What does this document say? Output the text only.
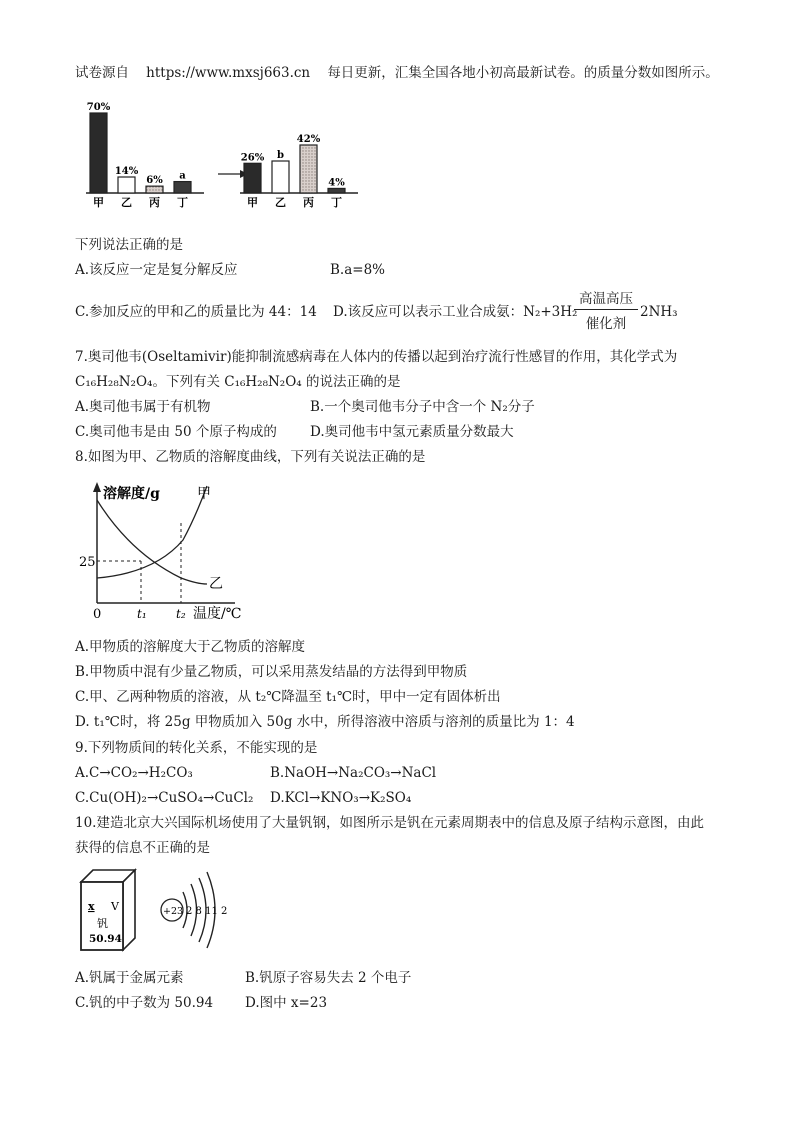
试卷源自 https://www.mxsj663.cn 每日更新，汇集全国各地小初高最新试卷。的质量分数如图所示。
70%
甲
14%
乙
6%
丙
a
丁
26%
甲
b
乙
42%
丙
4%
丁
下列说法正确的是
A.该反应一定是复分解反应	B.a=8%
C.参加反应的甲和乙的质量比为 44：14 D.该反应可以表示工业合成氨：N₂+3H₂
高温高压
催化剂
2NH₃
7.奥司他韦(Oseltamivir)能抑制流感病毒在人体内的传播以起到治疗流行性感冒的作用，其化学式为
C₁₆H₂₈N₂O₄。下列有关 C₁₆H₂₈N₂O₄ 的说法正确的是
A.奥司他韦属于有机物	B.一个奥司他韦分子中含一个 N₂分子
C.奥司他韦是由 50 个原子构成的 D.奥司他韦中氢元素质量分数最大
8.如图为甲、乙物质的溶解度曲线，下列有关说法正确的是
溶解度/g	甲
乙
25
0	t₁ t₂ 温度/℃
A.甲物质的溶解度大于乙物质的溶解度
B.甲物质中混有少量乙物质，可以采用蒸发结晶的方法得到甲物质
C.甲、乙两种物质的溶液，从 t₂℃降温至 t₁℃时，甲中一定有固体析出
D. t₁℃时，将 25g 甲物质加入 50g 水中，所得溶液中溶质与溶剂的质量比为 1：4
9.下列物质间的转化关系，不能实现的是
A.C→CO₂→H₂CO₃	B.NaOH→Na₂CO₃→NaCl
C.Cu(OH)₂→CuSO₄→CuCl₂ D.KCl→KNO₃→K₂SO₄
10.建造北京大兴国际机场使用了大量钒钢，如图所示是钒在元素周期表中的信息及原子结构示意图，由此
获得的信息不正确的是
x V
钒
50.94
+23 2 8 11 2
A.钒属于金属元素	B.钒原子容易失去 2 个电子
C.钒的中子数为 50.94 D.图中 x=23
